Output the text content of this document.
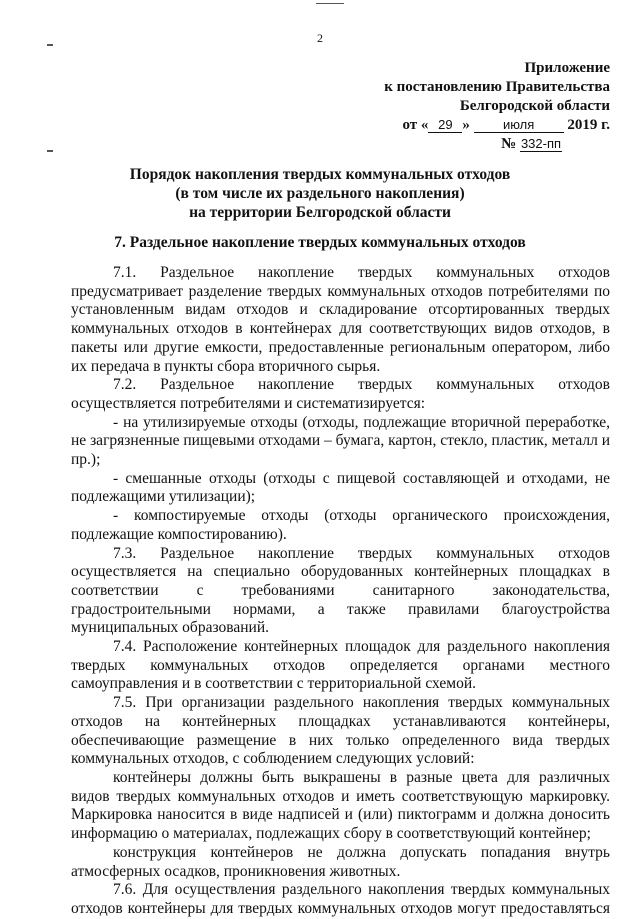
2
Приложение
к постановлению Правительства
Белгородской области
от « 29 »	июля 2019 г.
№ 332-пп
Порядок накопления твердых коммунальных отходов
(в том числе их раздельного накопления)
на территории Белгородской области
7. Раздельное накопление твердых коммунальных отходов

7.1. Раздельное накопление твердых коммунальных отходов предусматривает разделение твердых коммунальных отходов потребителями по установленным видам отходов и складирование отсортированных твердых коммунальных отходов в контейнерах для соответствующих видов отходов, в пакеты или другие емкости, предоставленные региональным оператором, либо их передача в пункты сбора вторичного сырья.

7.2. Раздельное накопление твердых коммунальных отходов осуществляется потребителями и систематизируется:

- на утилизируемые отходы (отходы, подлежащие вторичной переработке, не загрязненные пищевыми отходами – бумага, картон, стекло, пластик, металл и пр.);

- смешанные отходы (отходы с пищевой составляющей и отходами, не подлежащими утилизации);

- компостируемые отходы (отходы органического происхождения, подлежащие компостированию).

7.3. Раздельное накопление твердых коммунальных отходов осуществляется на специально оборудованных контейнерных площадках в соответствии с требованиями санитарного законодательства, градостроительными нормами, а также правилами благоустройства муниципальных образований.

7.4. Расположение контейнерных площадок для раздельного накопления твердых коммунальных отходов определяется органами местного самоуправления и в соответствии с территориальной схемой.

7.5. При организации раздельного накопления твердых коммунальных отходов на контейнерных площадках устанавливаются контейнеры, обеспечивающие размещение в них только определенного вида твердых коммунальных отходов, с соблюдением следующих условий:

контейнеры должны быть выкрашены в разные цвета для различных видов твердых коммунальных отходов и иметь соответствующую маркировку. Маркировка наносится в виде надписей и (или) пиктограмм и должна доносить информацию о материалах, подлежащих сбору в соответствующий контейнер;

конструкция контейнеров не должна допускать попадания внутрь атмосферных осадков, проникновения животных.

7.6. Для осуществления раздельного накопления твердых коммунальных отходов контейнеры для твердых коммунальных отходов могут предоставляться
